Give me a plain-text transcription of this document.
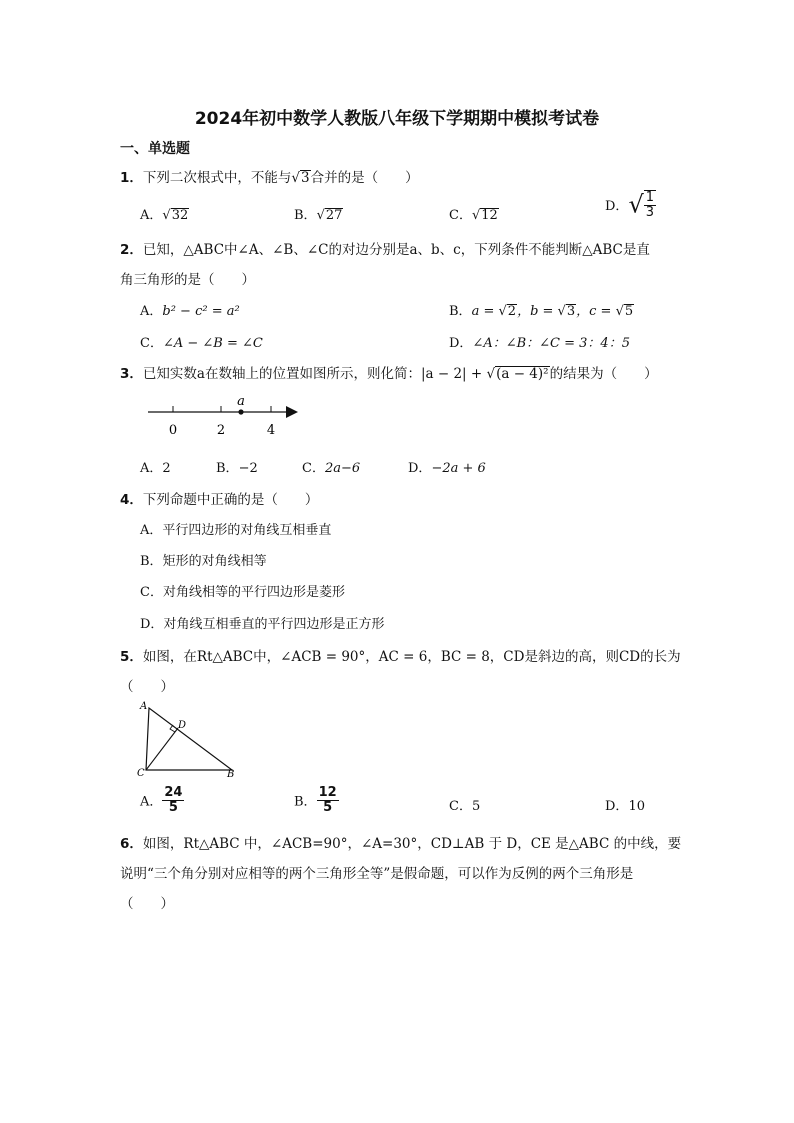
2024年初中数学人教版八年级下学期期中模拟考试卷
一、单选题
1．下列二次根式中，不能与√3合并的是（　　）
A．√32	B．√27	C．√12
D．√ $\frac{1}{3}$
2．已知，△ABC中∠A、∠B、∠C的对边分别是a、b、c，下列条件不能判断△ABC是直
角三角形的是（　　）
A．b² − c² = a²	B．a = √2，b = √3，c = √5
C．∠A − ∠B = ∠C	D．∠A：∠B：∠C = 3：4：5
3．已知实数a在数轴上的位置如图所示，则化简：|a − 2| + √(a − 4)²的结果为（　　）
a
0	2	4
A．2	B．−2	C．2a−6	D．−2a + 6
4．下列命题中正确的是（　　）
A．平行四边形的对角线互相垂直
B．矩形的对角线相等
C．对角线相等的平行四边形是菱形
D．对角线互相垂直的平行四边形是正方形
5．如图，在Rt△ABC中，∠ACB = 90°，AC = 6，BC = 8，CD是斜边的高，则CD的长为
（　　）
A
D
C	B
A． $\frac{24}{5}$	B． $\frac{12}{5}$	C．5	D．10
6．如图，Rt△ABC 中，∠ACB=90°，∠A=30°，CD⊥AB 于 D，CE 是△ABC 的中线，要
说明“三个角分别对应相等的两个三角形全等”是假命题，可以作为反例的两个三角形是
（　　）
